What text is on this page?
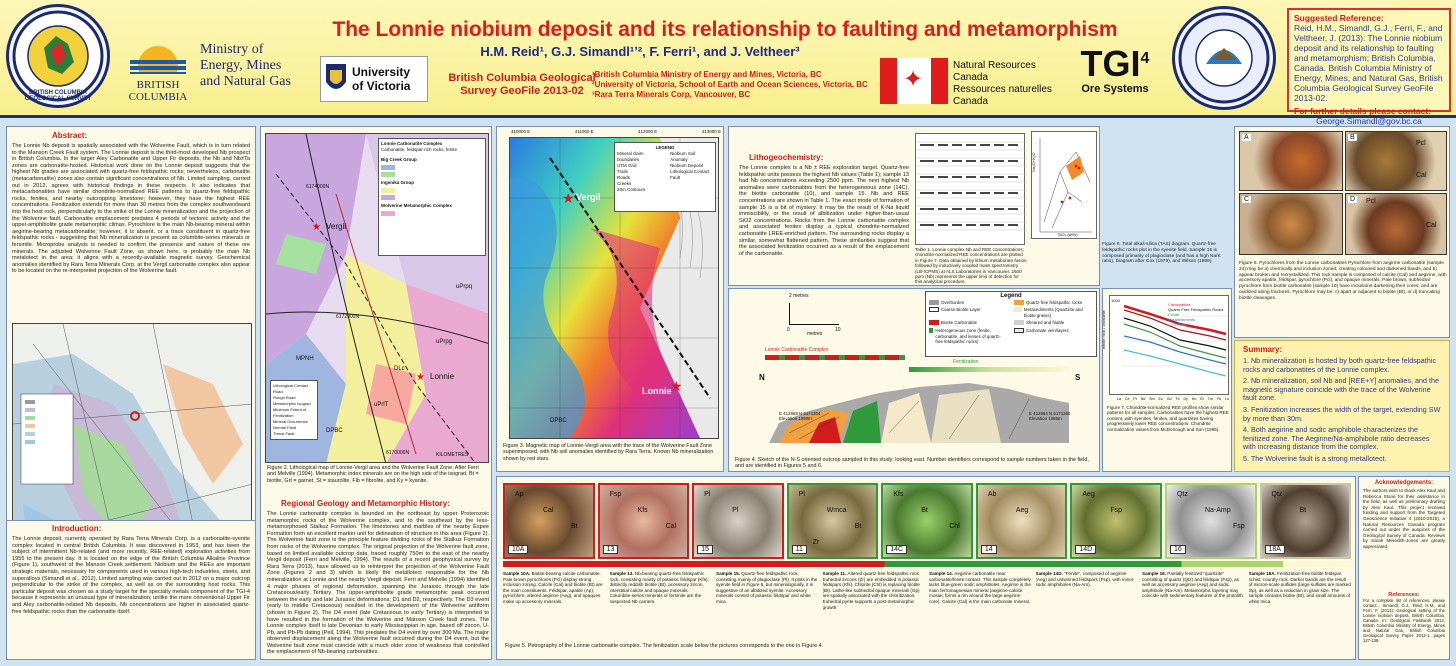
BRITISH COLUMBIA GEOLOGICAL SURVEY
BRITISH
COLUMBIA
Ministry of
Energy, Mines
and Natural Gas
University
of Victoria
The Lonnie niobium deposit and its relationship to faulting and metamorphism
H.M. Reid¹, G.J. Simandl¹ʼ², F. Ferri¹, and J. Veltheer³
British Columbia Geological
Survey GeoFile 2013-02
¹British Columbia Ministry of Energy and Mines, Victoria, BC
²University of Victoria, School of Earth and Ocean Sciences, Victoria, BC
³Rara Terra Minerals Corp, Vancouver, BC
✦
Natural Resources
Canada
Ressources naturelles
Canada
TGI$^4$
Ore Systems
Suggested Reference:
Reid, H.M., Simandl, G.J., Ferri, F., and Veltheer, J. (2013): The Lonnie niobium deposit and its relationship to faulting and metamorphism; British Columbia, Canada. British Columbia Ministry of Energy, Mines, and Natural Gas, British Columbia Geological Survey GeoFile 2013-02.
For further details please contact:
George.Simandl@gov.bc.ca
Abstract:
The Lonnie Nb deposit is spatially associated with the Wolverine Fault, which is in turn related to the Manson Creek Fault system. The Lonnie deposit is the third-most developed Nb prospect in British Columbia. In the larger Aley Carbonatite and Upper Fir deposits, the Nb and Nb±Ta zones are carbonatite-hosted. Historical work done on the Lonnie deposit suggests that the highest Nb grades are associated with quartz-free feldspathic rocks; nevertheless, carbonatite (metacarbonatite) zones also contain significant concentrations of Nb. Limited sampling, carried out in 2012, agrees with historical findings in these respects. It also indicates that metacarbonatites have similar chondrite-normalized REE patterns to quartz-free feldspathic rocks, fenites, and nearby outcropping limestone; however, they have the highest REE concentrations. Fenitization extends for more than 30 metres from the complex southwestward into the host rock, perpendicularly to the strike of the Lonnie mineralization and the projection of the Wolverine fault. Carbonatite emplacement predates 4 periods of tectonic activity and the upper-amphibolite grade metamorphic climax. Pyrochlore is the main Nb-bearing mineral within aegirine-bearing metacarbonatite; however, it is absent, or a trace constituent in quartz-free feldspathic rocks - suggesting that Nb mineralization is present as columbite-series minerals or fersmite. Microprobe analysis is needed to confirm the presence and nature of these ore minerals. The adjusted Wolverine Fault Zone, as shown here, is probably the main Nb metalotect in the area; it aligns with a recently-available magnetic survey. Geochemical anomalies identified by Rara Terra Minerals Corp. at the Vergil carbonatite complex also appear to be located on the re-interpreted projection of the Wolverine fault.
Introduction:
The Lonnie deposit, currently operated by Rara Terra Minerals Corp, is a carbonatite-syenite complex located in central British Columbia. It was discovered in 1953, and has been the subject of intermittent Nb-related (and more recently, REE-related) exploration activities from 1955 to the present day. It is located on the edge of the British Columbia Alkaline Province (Figure 1), southwest of the Manson Creek settlement. Niobium and the REEs are important strategic materials, necessary for components used in various high-tech industries, steels, and superalloys (Simandl et al., 2012). Limited sampling was carried out in 2012 on a major outcrop perpendicular to the strike of the complex, as well as on the surrounding host rocks. This particular deposit was chosen as a study target for the specialty metals component of the TGI-4 because it represents an unusual type of mineralization; unlike the more conventional Upper Fir and Aley carbonatite-related Nb deposits, Nb concentrations are higher in associated quartz-free feldspathic rocks than the carbonatite itself.
Vergil
★
Lonnie
★
uPrpq
uPrpg
MPNH
DPBC
DLc
uPrlT
6174000N
6172000N
6170000N
Lonnie Carbonatite Complex
Carbonatite, feldspar-rich rocks, fenite
Big Creek Group
Ingenika Group
Wolverine Metamorphic Complex
Lithological Contact
Road
Rough Road
Metamorphic Isograd
Minimum Extent of Fenitization
Mineral Occurrence
Normal Fault
Thrust Fault
KILOMETRES
Figure 2. Lithological map of Lonnie-Vergil area and the Wolverine Fault Zone. After Ferri and Melville (1994). Metamorphic index minerals are on the high side of the isograd. Bt = biotite, Grt = garnet, St = staurolite, Fib = fibrolite, and Ky = kyanite.
Regional Geology and Metamorphic History:
The Lonnie carbonatite complex is bounded on the northeast by upper Proterozoic metamorphic rocks of the Wolverine complex, and to the southeast by the less-metamorphosed Stalkuz Formation. The limestones and marbles of the nearby Espee Formation form an excellent marker unit for delineation of structure in this area (Figure 2). The Wolverine fault zone is the principle feature dividing rocks of the Stalkuz Formation from rocks of the Wolverine complex. The original projection of the Wolverine fault zone, based on limited available outcrop data, traced roughly 750m to the east of the nearby Vergil deposit (Ferri and Melville, 1994). The results of a recent geophysical survey by Rara Terra (2013), have allowed us to reinterpret the projection of the Wolverine Fault Zone (Figures 2 and 3) which is likely the metallotect responsible for the Nb mineralization at Lonnie and the nearby Vergil deposit. Ferri and Melville (1994) identified 4 major phases of regional deformation, spanning the Jurassic through the late Cretaceous/early Tertiary. The upper-amphibolite grade metamorphic peak occurred between the early and late Jurassic deformations; D1 and D2, respectively. The D3 event (early to middle Cretaceous) resulted in the development of the Wolverine antiform (shown in Figure 2). The D4 event (late Cretaceous to early Tertiary) is interpreted to have resulted in the formation of the Wolverine and Manson Creek fault zones. The Lonnie complex itself is late Devonian to early Mississippian in age, based off zircon, U-Pb, and Pb-Pb dating (Pell, 1994). This predates the D4 event by over 300 Ma. The major observed displacement along the Wolverine fault occurred during the D4 event, but the Wolverine fault zone must coincide with a much older zone of weakness that controlled the emplacement of Nb-bearing carbonatites.
★ Vergil
★
Lonnie
DPBC
LEGEND
Mineral claim boundaries
UTM Grid
Trails
Roads
Creeks
20m Contours
Niobium Soil Anomaly
Niobium Deposit
Lithological Contact
Fault
410000 E	411000 E	412000 E	413000 E
Figure 3. Magnetic map of Lonnie-Vergil area with the trace of the Wolverine Fault Zone superimposed, with Nb soil anomalies identified by Rara Terra. Known Nb mineralization shown by red stars.
Lithogeochemistry:
The Lonnie complex is a Nb ± REE exploration target. Quartz-free feldspathic units possess the highest Nb values (Table 1); sample 13 had Nb concentrations exceeding 2500 ppm. The next highest Nb anomalies were carbonatites from the heterogeneous zone (14C), the biotite carbonatite (10), and sample 15. Nb and REE concentrations are shown in Table 1. The exact mode of formation of sample 15 is a bit of mystery. It may be the result of K-Na liquid immiscibility, or the result of albitization under higher-than-usual SiO2 concentrations. Rocks from the Lonnie carbonatite complex and associated fenites display a typical chondrite-normalized carbonatite LREE-enriched pattern. The surrounding rocks display a similar, somewhat flattened pattern. These similarities suggest that the associated fenitization occurred as a result of the emplacement of the carbonatite.
Table 1. Lonnie complex Nb and REE concentrations; chondrite-normalized REE concentrations are plotted in Figure 7. Data obtained by lithium metaborate fusion followed by inductively coupled mass spectrometry (LB-ICPMS) at ALS Laboratories in Vancouver. 2500 ppm (Nb) represents the upper limit of detection for this analytical procedure.
Na₂O+K₂O
SiO₂ (wt%)
Figure 6. Total alkali-silica (TAS) diagram. Quartz-free feldspathic rocks plot in the syenite field. Sample 15 is composed primarily of plagioclase (and has a high Na/K ratio). Diagram after Cox (1979), and Wilson (1989).
A	B
Pcl
Cal
C	D Pcl
Cal
Figure 8. Pyrochlores from the Lonnie carbonatites Pyrochlore from aegirine carbonatite (sample 24) may be a) chemically and inclusion zoned; creating coloured and darkened bands, and b) appear broken and recrystallized. This rock sample is composed of calcite (Cal) and aegirine, with accessory apatite, feldspar, pyrochlore (Pcl), and opaque minerals. Pale brown, subhedral pyrochlore from biotite carbonatite (sample 10) have inclusions darkening their cores, and are oxidized along fractures. Pyrochlore may be: c) apart or adjacent to biotite (Bt), or d) truncating biotite cleavages.
2 metres
0	10
metres
Legend
Overburden	Quartz-free feldspathic rocks
Coarse Biotite Layer	Metasediments (Quartzite and biotite gneiss)
Biotite Carbonatite	Sheared and friable
Heterogeneous zone (fenite, carbonatite, and lenses of quartz-free feldspathic rocks)
Carbonate vein/layers
Lonnie Carbonatite Complex
Fenitization
N	S
E 412969 N 6171304 Elevation 1090m
E 412964 N 6171265 Elevation 1086m
Figure 4. Sketch of the N-S oriented outcrop sampled in this study; looking east. Number identifiers correspond to sample numbers taken in the field, and are identified in Figures 5 and 6.
Carbonatites
Quartz-Free Feldspathic Rocks
Fenite
Metasediments
Limestone
1000
whole rock / chondrite
La Ce Pr Nd Sm Eu Gd Tb Dy Ho Er Tm Yb Lu
Figure 7. Chondrite-normalized REE profiles show similar patterns for all samples. Carbonatites have the highest REE content, with syenites, fenites, and quartzites having progressively lower REE concentrations. Chondrite normalization values from McDonough and Sun (1995).
Summary:
1. Nb mineralization is hosted by both quartz-free feldspathic rocks and carbonatites of the Lonnie complex.
2. Nb mineralization, soil Nb and [REE+Y] anomalies, and the magnetic signature coincide with the trace of the Wolverine fault zone.
3. Fenitization increases the width of the target, extending SW by more than 30m.
4. Both aegirine and sodic amphibole characterizes the fenitized zone. The Aegirine/Na-amphibole ratio decreases with increasing distance from the complex.
5. The Wolverine fault is a strong metallotect.
Ap
Cal
Bt
10A
Fsp
Kfs
Cal
13
Pl
Pl
15
Pl
Wmca
Bt
Zr
11
Kfs
Bt
Chl
14C
Ab
Aeg
14
Aeg
Fsp
14D
Qtz
Na-Amp
Fsp
16
Qtz
Bt
18A
Sample 10A. Biotite-bearing calcite carbonatite. Pale brown pyrochlores (Pcl) display strong inclusion zoning. Calcite (Cal) and biotite (Bt) are the main constituents. Feldspar, apatite (Ap), pyrochlore, altered aegirine (Aeg), and opaques make up accessory minerals.
Sample 13. Nb-bearing quartz-free feldspathic rock, consisting mainly of potassic feldspar (Kfs); distinctly reddish biotite (Bt), accessory zircon, interstitial calcite and opaque minerals. Columbite-series minerals or fersmite are the suspected Nb carriers.
Sample 15. Quartz-free feldspathic rock, consisting mainly of plagioclase (Pl). It plots in the syenite field in Figure 6, but mineralogically, it is suggestive of an albitized syenite. Accessory minerals consist of potassic feldspar and white mica.
Sample 11. Altered quartz-free feldspathic rock. Euhedral zircons (Zr) are embedded in potassic feldspars (Kfs). Chlorite (Chl) is replacing biotite (Bt). Lathe-like subhedral opaque minerals (Op) are spatially associated with the chloritization. Euhedral pyrite supports a post-metamorphic growth.
Sample 14. Aegirine carbonatite near carbonatite/fenite contact. This sample completely lacks blue-green sodic amphiboles. Aegirine is the main ferromagnesian mineral (aegirine-calcite mosaic forms a rim around the large aegirine core). Calcite (Cal) is the main carbonate mineral.
Sample 14D. "Fenite", composed of aegirine (Aeg) and untwinned feldspars (Fsp), with minor sodic amphiboles (Na-Am).
Sample 16. Partially fenitized "quartzite" consisting of quartz (Qtz) and feldspar (Fsp), as well as accessory aegirine (Aeg) and sodic amphibole (Na-Am). Metamorphic layering may coincide with sedimentary features of the protolith.
Sample 18A. Fenitization-free biotite feldspar schist; country rock. Darker bands are the result of micron-scale sulfides (large sulfides are marked Op), as well as a reduction in grain size. The sample contains biotite (Bt), and small amounts of white mica.
Figure 5. Petrography of the Lonnie carbonatite complex. The fenitization scale below the pictures corresponds to the one in Figure 4.
Acknowledgements:
The authors wish to thank Alex Kaul and Rebecca Stone for their assistance in the field, as well as preliminary drafting by Alex Kaul. This project received funding and support from the Targeted Geoscience Initiative 4 (2010-2015), a Natural Resources Canada program carried out under the auspices of the Geological Survey of Canada. Reviews by Sarah Meredith-Jones are greatly appreciated.
References:
For a complete list of references, please contact... Simandl, G.J., Reid, H.M., and Ferri, F. (2013): Geological setting of the Lonnie niobium deposit, British Columbia, Canada. In: Geological Fieldwork 2012, British Columbia Ministry of Energy, Mines and Natural Gas, British Columbia Geological Survey Paper 2013-1, pages 127-138.
